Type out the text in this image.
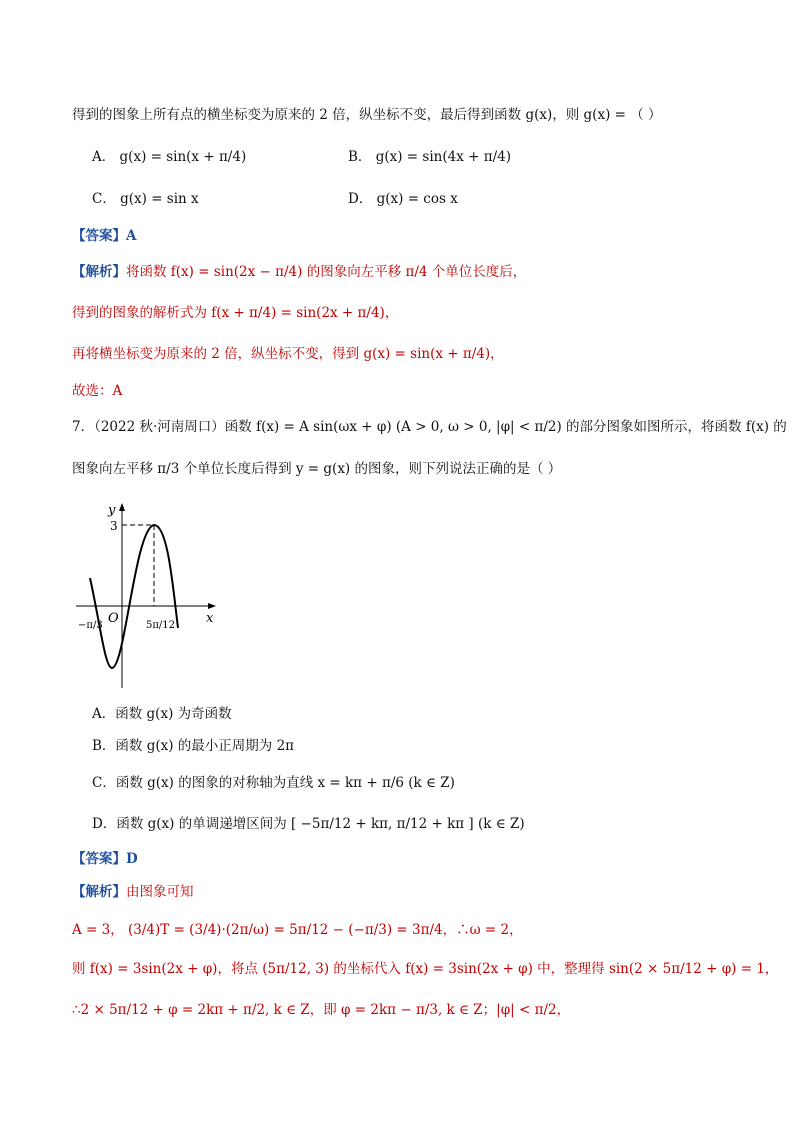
得到的图象上所有点的横坐标变为原来的 2 倍，纵坐标不变，最后得到函数 g(x)，则 g(x) = （ ）
A． g(x) = sin(x + π/4)	B． g(x) = sin(4x + π/4)
C． g(x) = sin x	D． g(x) = cos x
【答案】A
【解析】将函数 f(x) = sin(2x − π/4) 的图象向左平移 π/4 个单位长度后，
得到的图象的解析式为 f(x + π/4) = sin(2x + π/4)，
再将横坐标变为原来的 2 倍，纵坐标不变，得到 g(x) = sin(x + π/4)，
故选：A
7．（2022 秋·河南周口）函数 f(x) = A sin(ωx + φ) (A > 0, ω > 0, |φ| < π/2) 的部分图象如图所示，将函数 f(x) 的
图象向左平移 π/3 个单位长度后得到 y = g(x) 的图象，则下列说法正确的是（ ）
y
x
O
3
−π/3	5π/12
A．函数 g(x) 为奇函数
B．函数 g(x) 的最小正周期为 2π
C．函数 g(x) 的图象的对称轴为直线 x = kπ + π/6 (k ∈ Z)
D．函数 g(x) 的单调递增区间为 [ −5π/12 + kπ, π/12 + kπ ] (k ∈ Z)
【答案】D
【解析】由图象可知
A = 3， (3/4)T = (3/4)·(2π/ω) = 5π/12 − (−π/3) = 3π/4，∴ω = 2，
则 f(x) = 3sin(2x + φ)，将点 (5π/12, 3) 的坐标代入 f(x) = 3sin(2x + φ) 中，整理得 sin(2 × 5π/12 + φ) = 1，
∴2 × 5π/12 + φ = 2kπ + π/2, k ∈ Z，即 φ = 2kπ − π/3, k ∈ Z；|φ| < π/2，
